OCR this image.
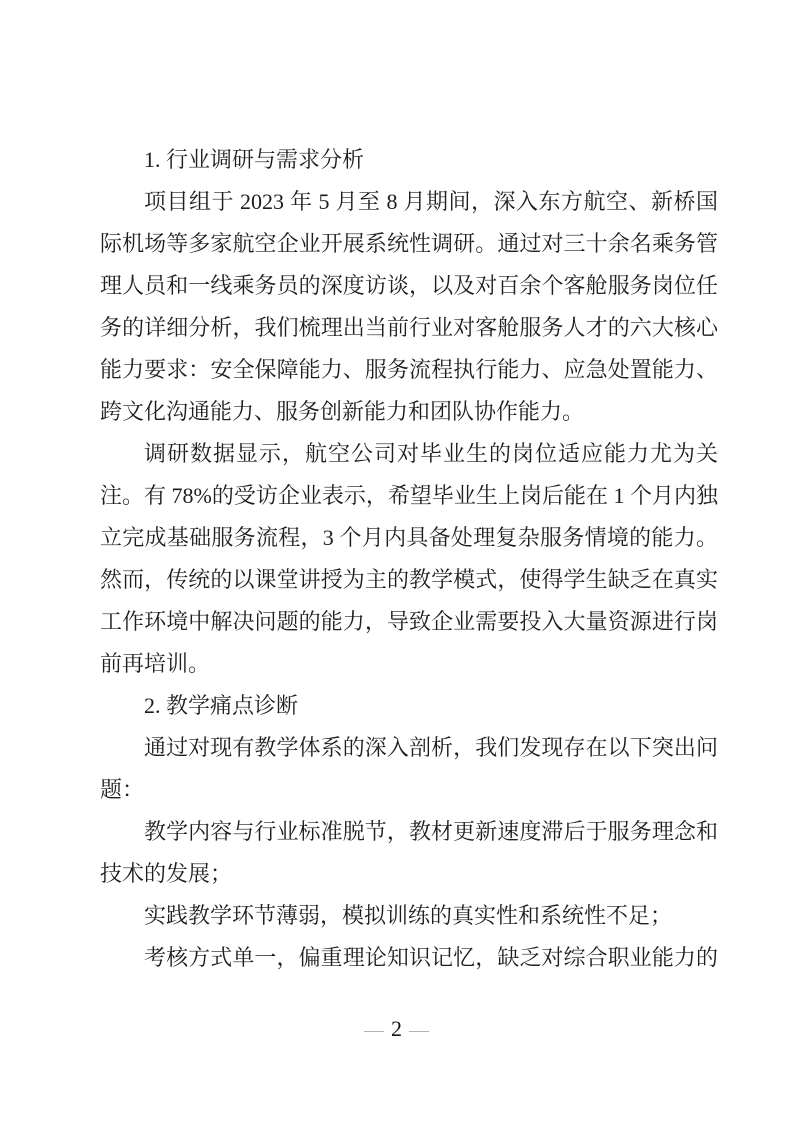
1. 行业调研与需求分析

项目组于 2023 年 5 月至 8 月期间，深入东方航空、新桥国际机场等多家航空企业开展系统性调研。通过对三十余名乘务管理人员和一线乘务员的深度访谈，以及对百余个客舱服务岗位任务的详细分析，我们梳理出当前行业对客舱服务人才的六大核心能力要求：安全保障能力、服务流程执行能力、应急处置能力、跨文化沟通能力、服务创新能力和团队协作能力。

调研数据显示，航空公司对毕业生的岗位适应能力尤为关注。有 78%的受访企业表示，希望毕业生上岗后能在 1 个月内独立完成基础服务流程，3 个月内具备处理复杂服务情境的能力。然而，传统的以课堂讲授为主的教学模式，使得学生缺乏在真实工作环境中解决问题的能力，导致企业需要投入大量资源进行岗前再培训。

2. 教学痛点诊断

通过对现有教学体系的深入剖析，我们发现存在以下突出问题：

教学内容与行业标准脱节，教材更新速度滞后于服务理念和技术的发展；

实践教学环节薄弱，模拟训练的真实性和系统性不足；

考核方式单一，偏重理论知识记忆，缺乏对综合职业能力的

— 2 —
